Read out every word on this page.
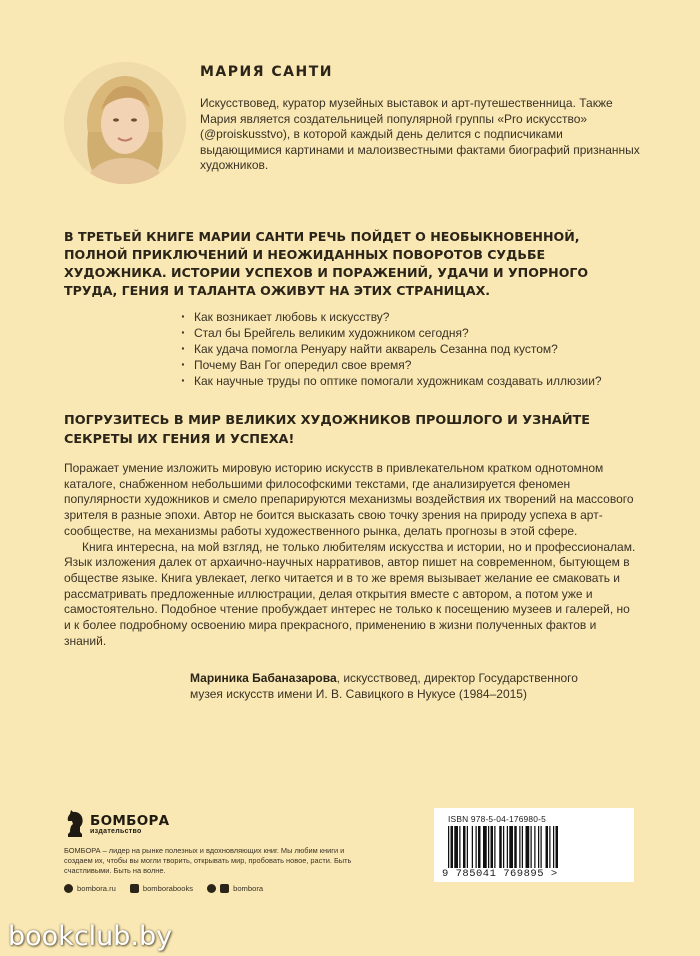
МАРИЯ САНТИ
Искусствовед, куратор музейных выставок и арт-путешественница. Также Мария является создательницей популярной группы «Pro искусство» (@proiskusstvo), в которой каждый день делится с подписчиками выдающимися картинами и малоизвестными фактами биографий признанных художников.
В ТРЕТЬЕЙ КНИГЕ МАРИИ САНТИ РЕЧЬ ПОЙДЕТ О НЕОБЫКНОВЕННОЙ, ПОЛНОЙ ПРИКЛЮЧЕНИЙ И НЕОЖИДАННЫХ ПОВОРОТОВ СУДЬБЕ ХУДОЖНИКА. ИСТОРИИ УСПЕХОВ И ПОРАЖЕНИЙ, УДАЧИ И УПОРНОГО ТРУДА, ГЕНИЯ И ТАЛАНТА ОЖИВУТ НА ЭТИХ СТРАНИЦАХ.
· Как возникает любовь к искусству?
· Стал бы Брейгель великим художником сегодня?
· Как удача помогла Ренуару найти акварель Сезанна под кустом?
· Почему Ван Гог опередил свое время?
· Как научные труды по оптике помогали художникам создавать иллюзии?
ПОГРУЗИТЕСЬ В МИР ВЕЛИКИХ ХУДОЖНИКОВ ПРОШЛОГО И УЗНАЙТЕ СЕКРЕТЫ ИХ ГЕНИЯ И УСПЕХА!

Поражает умение изложить мировую историю искусств в привлекательном кратком однотомном каталоге, снабженном небольшими философскими текстами, где анализируется феномен популярности художников и смело препарируются механизмы воздействия их творений на массового зрителя в разные эпохи. Автор не боится высказать свою точку зрения на природу успеха в арт-сообществе, на механизмы работы художественного рынка, делать прогнозы в этой сфере.

Книга интересна, на мой взгляд, не только любителям искусства и истории, но и профессионалам. Язык изложения далек от архаично-научных нарративов, автор пишет на современном, бытующем в обществе языке. Книга увлекает, легко читается и в то же время вызывает желание ее смаковать и рассматривать предложенные иллюстрации, делая открытия вместе с автором, а потом уже и самостоятельно. Подобное чтение пробуждает интерес не только к посещению музеев и галерей, но и к более подробному освоению мира прекрасного, применению в жизни полученных фактов и знаний.

Мариника Бабаназарова, искусствовед, директор Государственного музея искусств имени И. В. Савицкого в Нукусе (1984–2015)
БОМБОРА
издательство
БОМБОРА – лидер на рынке полезных и вдохновляющих книг. Мы любим книги и создаем их, чтобы вы могли творить, открывать мир, пробовать новое, расти. Быть счастливыми. Быть на волне.
bombora.ru	bomborabooks	bombora
ISBN 978-5-04-176980-5
9 785041 769895 >
bookclub.by
